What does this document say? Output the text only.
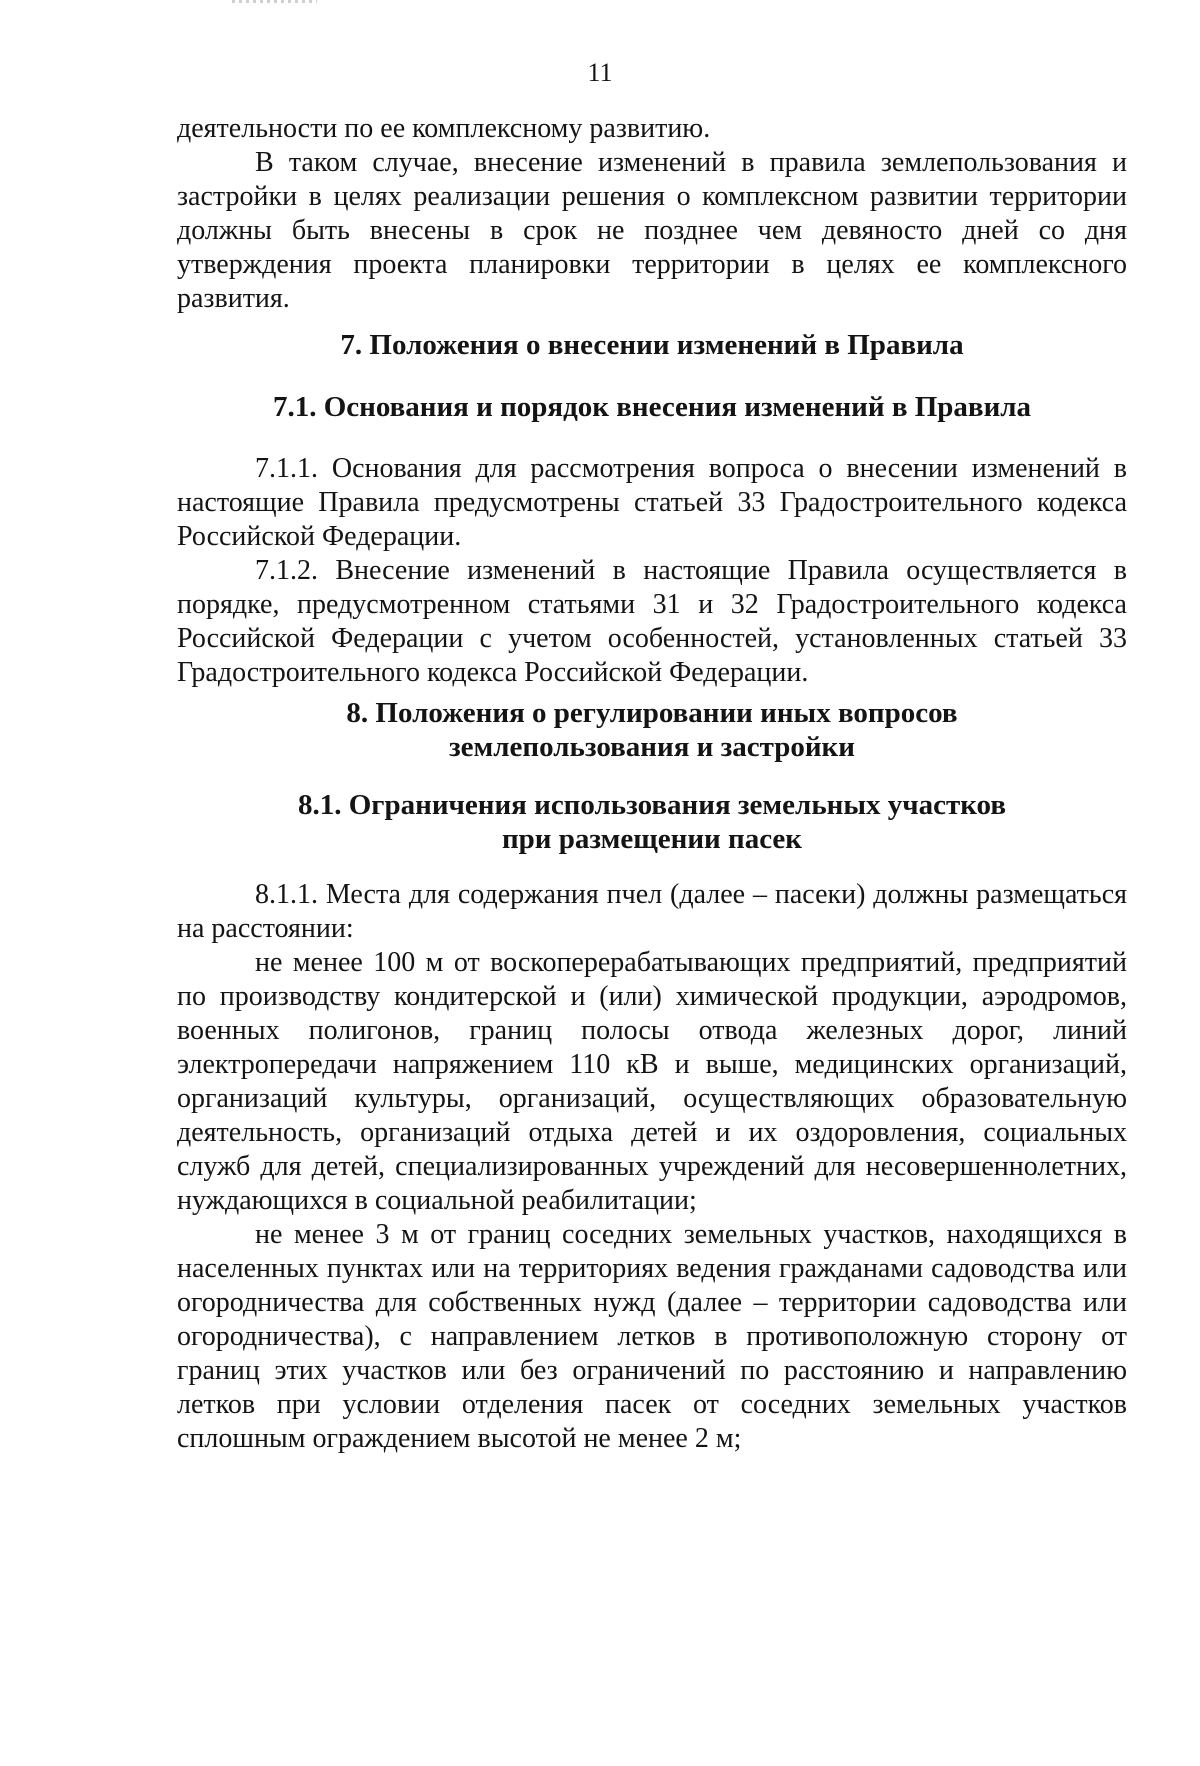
11

деятельности по ее комплексному развитию.

В таком случае, внесение изменений в правила землепользования и застройки в целях реализации решения о комплексном развитии территории должны быть внесены в срок не позднее чем девяносто дней со дня утверждения проекта планировки территории в целях ее комплексного развития.

7. Положения о внесении изменений в Правила
7.1. Основания и порядок внесения изменений в Правила

7.1.1. Основания для рассмотрения вопроса о внесении изменений в настоящие Правила предусмотрены статьей 33 Градостроительного кодекса Российской Федерации.

7.1.2. Внесение изменений в настоящие Правила осуществляется в порядке, предусмотренном статьями 31 и 32 Градостроительного кодекса Российской Федерации с учетом особенностей, установленных статьей 33 Градостроительного кодекса Российской Федерации.

8. Положения о регулировании иных вопросов
землепользования и застройки
8.1. Ограничения использования земельных участков
при размещении пасек

8.1.1. Места для содержания пчел (далее – пасеки) должны размещаться на расстоянии:

не менее 100 м от воскоперерабатывающих предприятий, предприятий по производству кондитерской и (или) химической продукции, аэродромов, военных полигонов, границ полосы отвода железных дорог, линий электропередачи напряжением 110 кВ и выше, медицинских организаций, организаций культуры, организаций, осуществляющих образовательную деятельность, организаций отдыха детей и их оздоровления, социальных служб для детей, специализированных учреждений для несовершеннолетних, нуждающихся в социальной реабилитации;

не менее 3 м от границ соседних земельных участков, находящихся в населенных пунктах или на территориях ведения гражданами садоводства или огородничества для собственных нужд (далее – территории садоводства или огородничества), с направлением летков в противоположную сторону от границ этих участков или без ограничений по расстоянию и направлению летков при условии отделения пасек от соседних земельных участков сплошным ограждением высотой не менее 2 м;
